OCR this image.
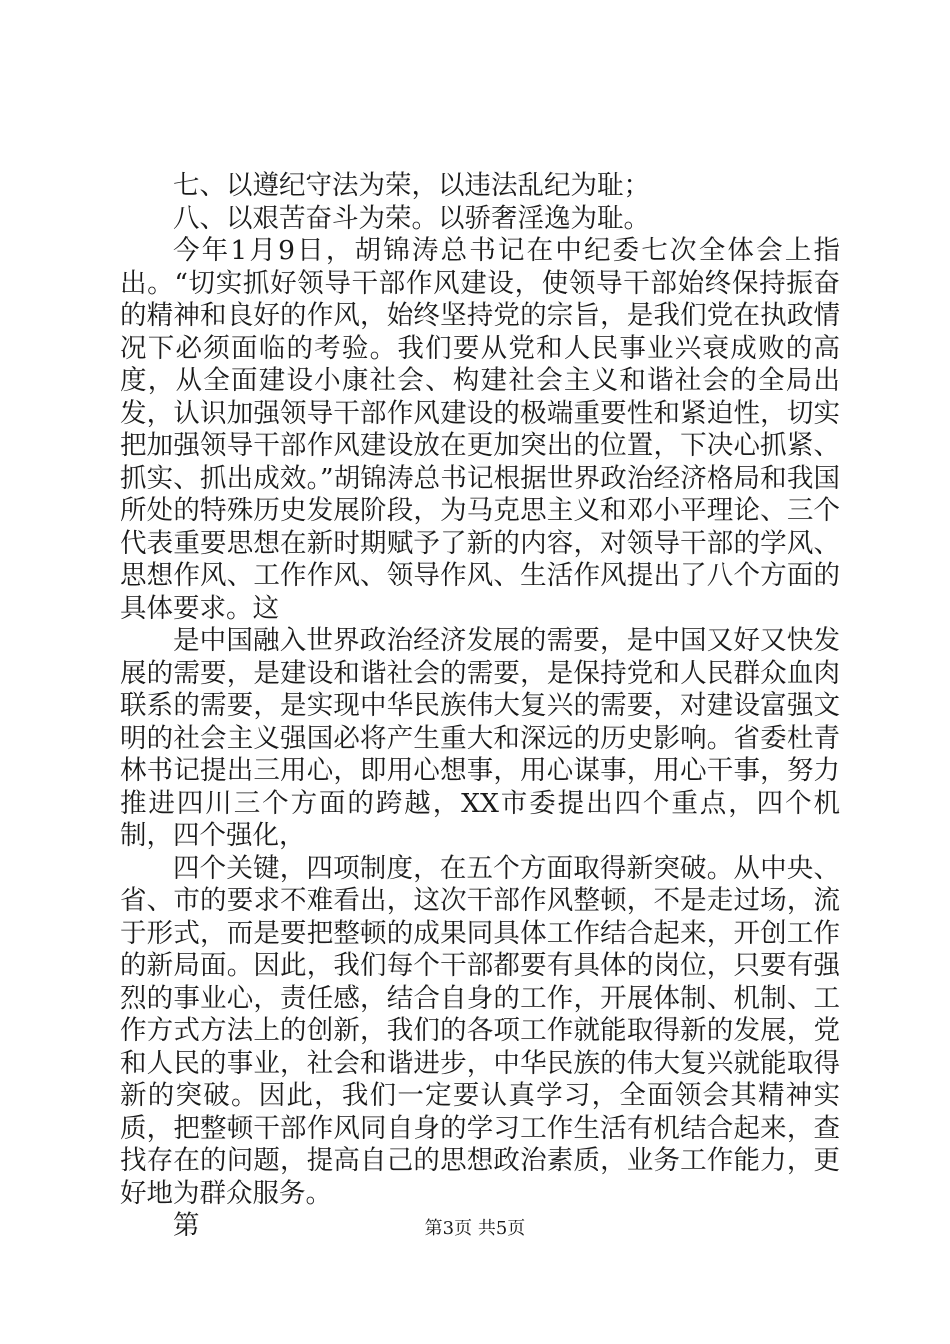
七、以遵纪守法为荣，以违法乱纪为耻；

八、以艰苦奋斗为荣。以骄奢淫逸为耻。

今年1月9日，胡锦涛总书记在中纪委七次全体会上指出。“切实抓好领导干部作风建设，使领导干部始终保持振奋的精神和良好的作风，始终坚持党的宗旨，是我们党在执政情况下必须面临的考验。我们要从党和人民事业兴衰成败的高度，从全面建设小康社会、构建社会主义和谐社会的全局出发，认识加强领导干部作风建设的极端重要性和紧迫性，切实把加强领导干部作风建设放在更加突出的位置，下决心抓紧、抓实、抓出成效。”胡锦涛总书记根据世界政治经济格局和我国所处的特殊历史发展阶段，为马克思主义和邓小平理论、三个代表重要思想在新时期赋予了新的内容，对领导干部的学风、思想作风、工作作风、领导作风、生活作风提出了八个方面的具体要求。这

是中国融入世界政治经济发展的需要，是中国又好又快发展的需要，是建设和谐社会的需要，是保持党和人民群众血肉联系的需要，是实现中华民族伟大复兴的需要，对建设富强文明的社会主义强国必将产生重大和深远的历史影响。省委杜青林书记提出三用心，即用心想事，用心谋事，用心干事，努力推进四川三个方面的跨越，XX市委提出四个重点，四个机制，四个强化，

四个关键，四项制度，在五个方面取得新突破。从中央、省、市的要求不难看出，这次干部作风整顿，不是走过场，流于形式，而是要把整顿的成果同具体工作结合起来，开创工作的新局面。因此，我们每个干部都要有具体的岗位，只要有强烈的事业心，责任感，结合自身的工作，开展体制、机制、工作方式方法上的创新，我们的各项工作就能取得新的发展，党和人民的事业，社会和谐进步，中华民族的伟大复兴就能取得新的突破。因此，我们一定要认真学习，全面领会其精神实质，把整顿干部作风同自身的学习工作生活有机结合起来，查找存在的问题，提高自己的思想政治素质，业务工作能力，更好地为群众服务。

第	第3页 共5页
